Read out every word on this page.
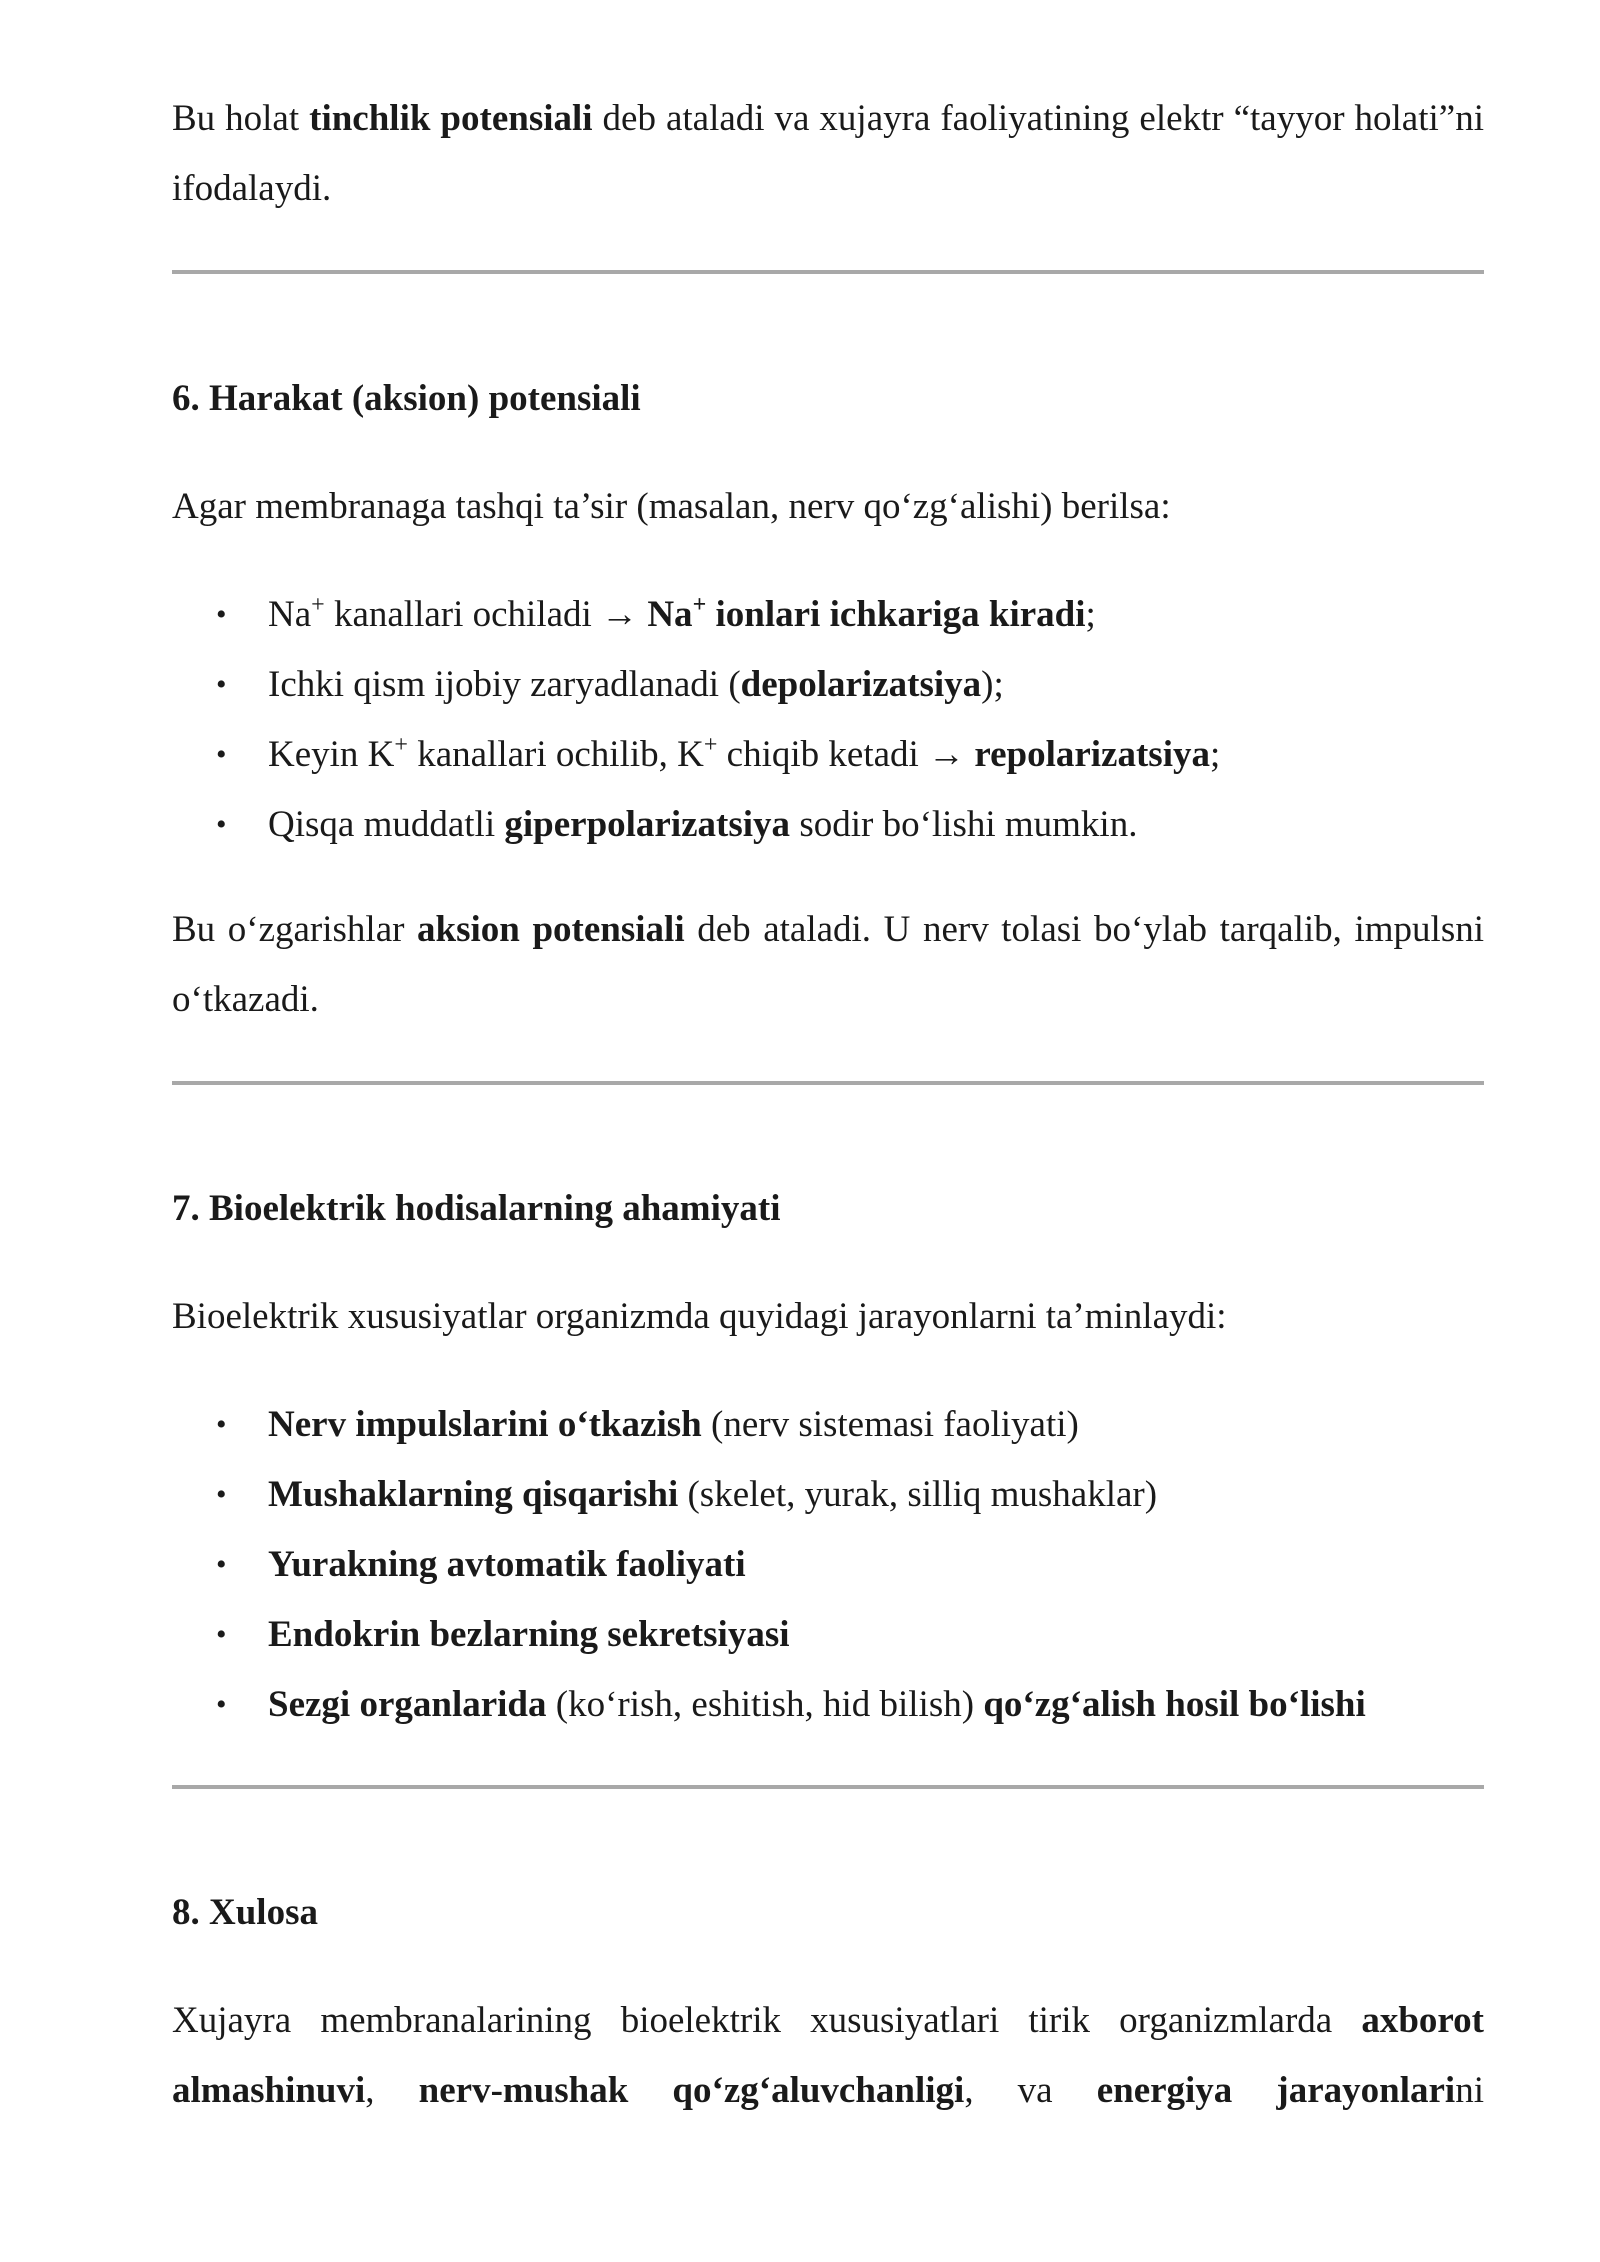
Bu holat tinchlik potensiali deb ataladi va xujayra faoliyatining elektr “tayyor holati”ni ifodalaydi.

6. Harakat (aksion) potensiali

Agar membranaga tashqi ta’sir (masalan, nerv qo‘zg‘alishi) berilsa:

• Na+ kanallari ochiladi → Na+ ionlari ichkariga kiradi;
• Ichki qism ijobiy zaryadlanadi (depolarizatsiya);
• Keyin K+ kanallari ochilib, K+ chiqib ketadi → repolarizatsiya;
• Qisqa muddatli giperpolarizatsiya sodir bo‘lishi mumkin.

Bu o‘zgarishlar aksion potensiali deb ataladi. U nerv tolasi bo‘ylab tarqalib, impulsni o‘tkazadi.

7. Bioelektrik hodisalarning ahamiyati

Bioelektrik xususiyatlar organizmda quyidagi jarayonlarni ta’minlaydi:

• Nerv impulslarini o‘tkazish (nerv sistemasi faoliyati)
• Mushaklarning qisqarishi (skelet, yurak, silliq mushaklar)
• Yurakning avtomatik faoliyati
• Endokrin bezlarning sekretsiyasi
• Sezgi organlarida (ko‘rish, eshitish, hid bilish) qo‘zg‘alish hosil bo‘lishi
8. Xulosa

Xujayra membranalarining bioelektrik xususiyatlari tirik organizmlarda axborot almashinuvi, nerv-mushak qo‘zg‘aluvchanligi, va energiya jarayonlarini
